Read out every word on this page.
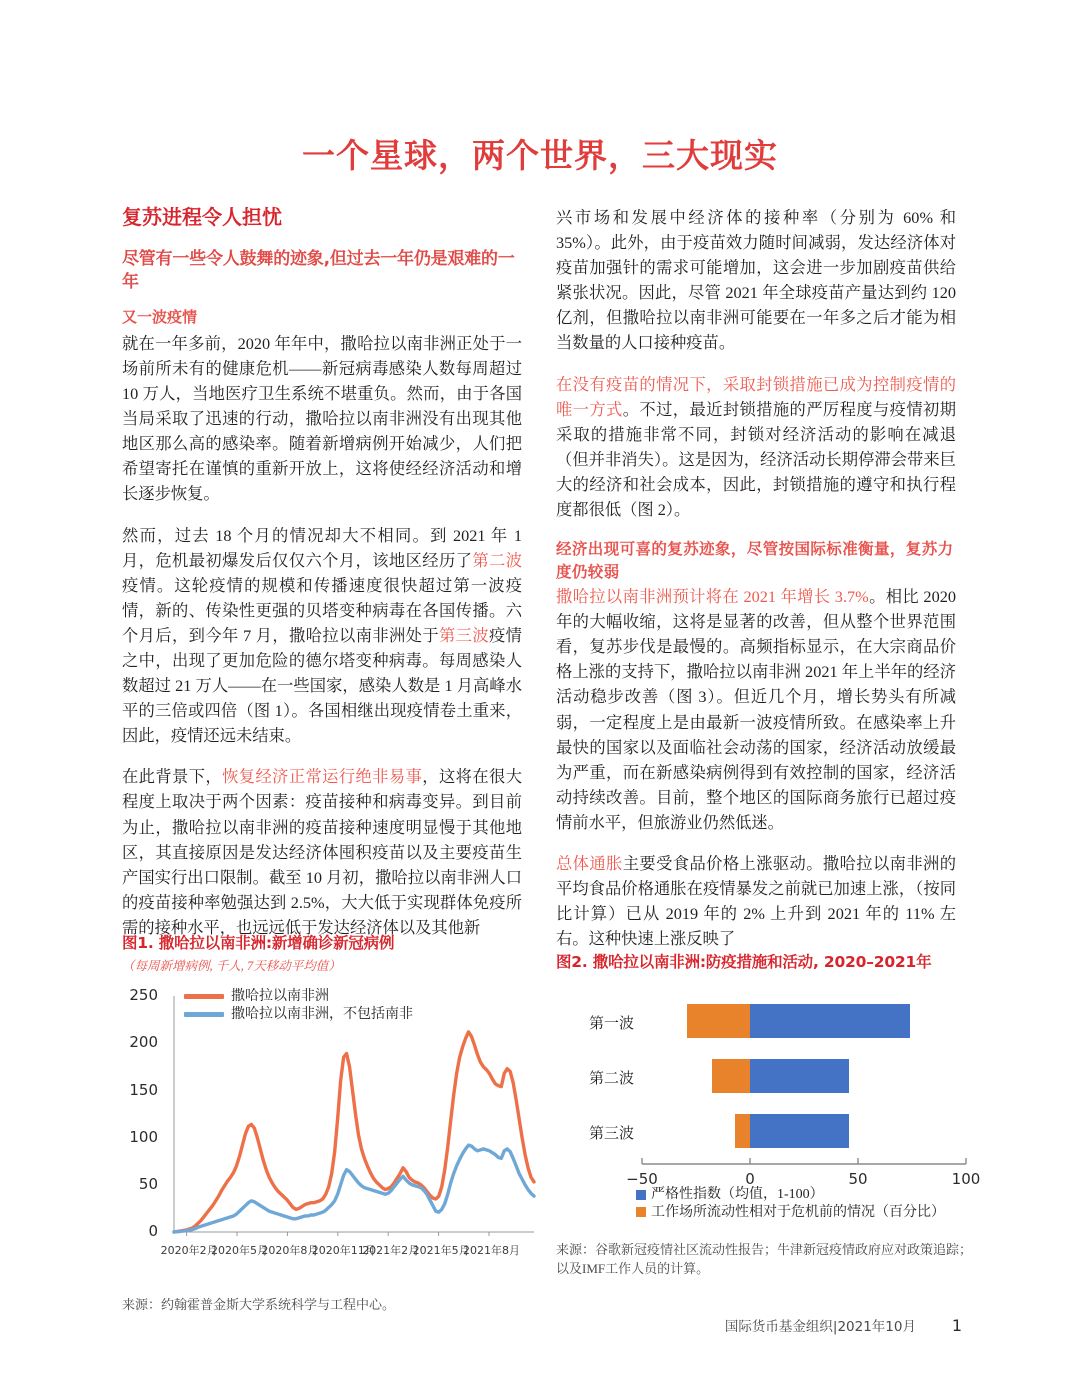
一个星球，两个世界，三大现实
复苏进程令人担忧
尽管有一些令人鼓舞的迹象,但过去一年仍是艰难的一年
又一波疫情

就在一年多前，2020 年年中，撒哈拉以南非洲正处于一场前所未有的健康危机——新冠病毒感染人数每周超过 10 万人，当地医疗卫生系统不堪重负。然而，由于各国当局采取了迅速的行动，撒哈拉以南非洲没有出现其他地区那么高的感染率。随着新增病例开始减少，人们把希望寄托在谨慎的重新开放上，这将使经经济活动和增长逐步恢复。

然而，过去 18 个月的情况却大不相同。到 2021 年 1 月，危机最初爆发后仅仅六个月，该地区经历了第二波疫情。这轮疫情的规模和传播速度很快超过第一波疫情，新的、传染性更强的贝塔变种病毒在各国传播。六个月后，到今年 7 月，撒哈拉以南非洲处于第三波疫情之中，出现了更加危险的德尔塔变种病毒。每周感染人数超过 21 万人——在一些国家，感染人数是 1 月高峰水平的三倍或四倍（图 1）。各国相继出现疫情卷土重来，因此，疫情还远未结束。

在此背景下，恢复经济正常运行绝非易事，这将在很大程度上取决于两个因素：疫苗接种和病毒变异。到目前为止，撒哈拉以南非洲的疫苗接种速度明显慢于其他地区，其直接原因是发达经济体囤积疫苗以及主要疫苗生产国实行出口限制。截至 10 月初，撒哈拉以南非洲人口的疫苗接种率勉强达到 2.5%，大大低于实现群体免疫所需的接种水平，也远远低于发达经济体以及其他新

兴市场和发展中经济体的接种率（分别为 60% 和 35%）。此外，由于疫苗效力随时间减弱，发达经济体对疫苗加强针的需求可能增加，这会进一步加剧疫苗供给紧张状况。因此，尽管 2021 年全球疫苗产量达到约 120 亿剂，但撒哈拉以南非洲可能要在一年多之后才能为相当数量的人口接种疫苗。

在没有疫苗的情况下，采取封锁措施已成为控制疫情的唯一方式。不过，最近封锁措施的严厉程度与疫情初期采取的措施非常不同，封锁对经济活动的影响在减退（但并非消失）。这是因为，经济活动长期停滞会带来巨大的经济和社会成本，因此，封锁措施的遵守和执行程度都很低（图 2）。

经济出现可喜的复苏迹象，尽管按国际标准衡量，复苏力度仍较弱

撒哈拉以南非洲预计将在 2021 年增长 3.7%。相比 2020 年的大幅收缩，这将是显著的改善，但从整个世界范围看，复苏步伐是最慢的。高频指标显示，在大宗商品价格上涨的支持下，撒哈拉以南非洲 2021 年上半年的经济活动稳步改善（图 3）。但近几个月，增长势头有所减弱，一定程度上是由最新一波疫情所致。在感染率上升最快的国家以及面临社会动荡的国家，经济活动放缓最为严重，而在新感染病例得到有效控制的国家，经济活动持续改善。目前，整个地区的国际商务旅行已超过疫情前水平，但旅游业仍然低迷。

总体通胀主要受食品价格上涨驱动。撒哈拉以南非洲的平均食品价格通胀在疫情暴发之前就已加速上涨，（按同比计算）已从 2019 年的 2% 上升到 2021 年的 11% 左右。这种快速上涨反映了

图1. 撒哈拉以南非洲:新增确诊新冠病例
（每周新增病例, 千人, 7天移动平均值）
0
50
100
150
200
250	撒哈拉以南非洲
撒哈拉以南非洲，不包括南非
2020年2月
2020年5月
2020年8月
2020年11月
2021年2月
2021年5月
2021年8月

来源：约翰霍普金斯大学系统科学与工程中心。

图2. 撒哈拉以南非洲:防疫措施和活动, 2020–2021年
第一波
第二波
第三波
−50	0	50	100
严格性指数（均值，1-100）
工作场所流动性相对于危机前的情况（百分比）

来源：谷歌新冠疫情社区流动性报告；牛津新冠疫情政府应对政策追踪；以及IMF工作人员的计算。

国际货币基金组织|2021年10月 1
